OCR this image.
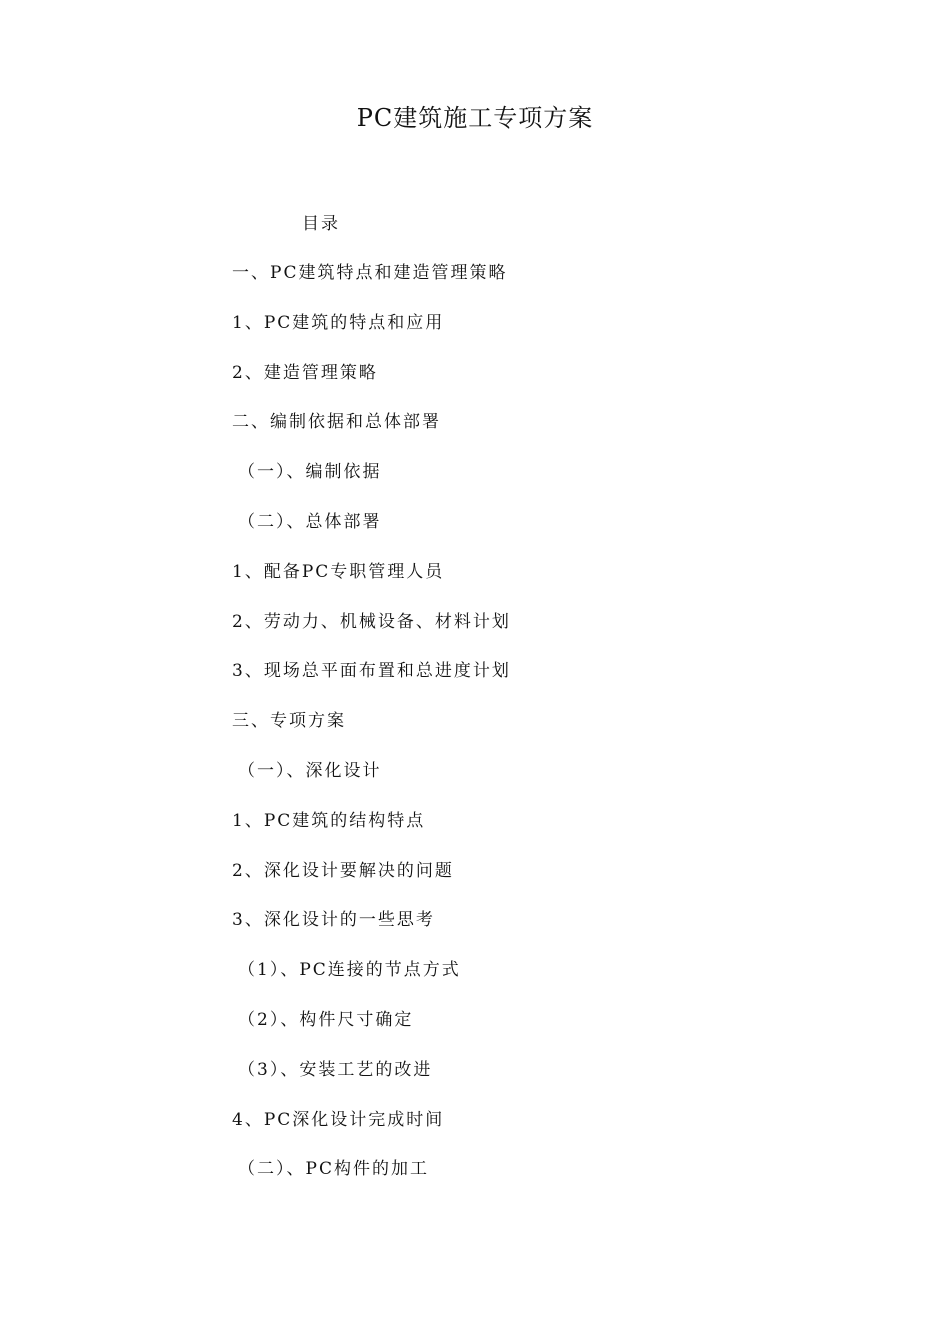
PC建筑施工专项方案
目录
一、PC建筑特点和建造管理策略
1、PC建筑的特点和应用
2、建造管理策略
二、编制依据和总体部署
（一）、编制依据
（二）、总体部署
1、配备PC专职管理人员
2、劳动力、机械设备、材料计划
3、现场总平面布置和总进度计划
三、专项方案
（一）、深化设计
1、PC建筑的结构特点
2、深化设计要解决的问题
3、深化设计的一些思考
（1）、PC连接的节点方式
（2）、构件尺寸确定
（3）、安装工艺的改进
4、PC深化设计完成时间
（二）、PC构件的加工
